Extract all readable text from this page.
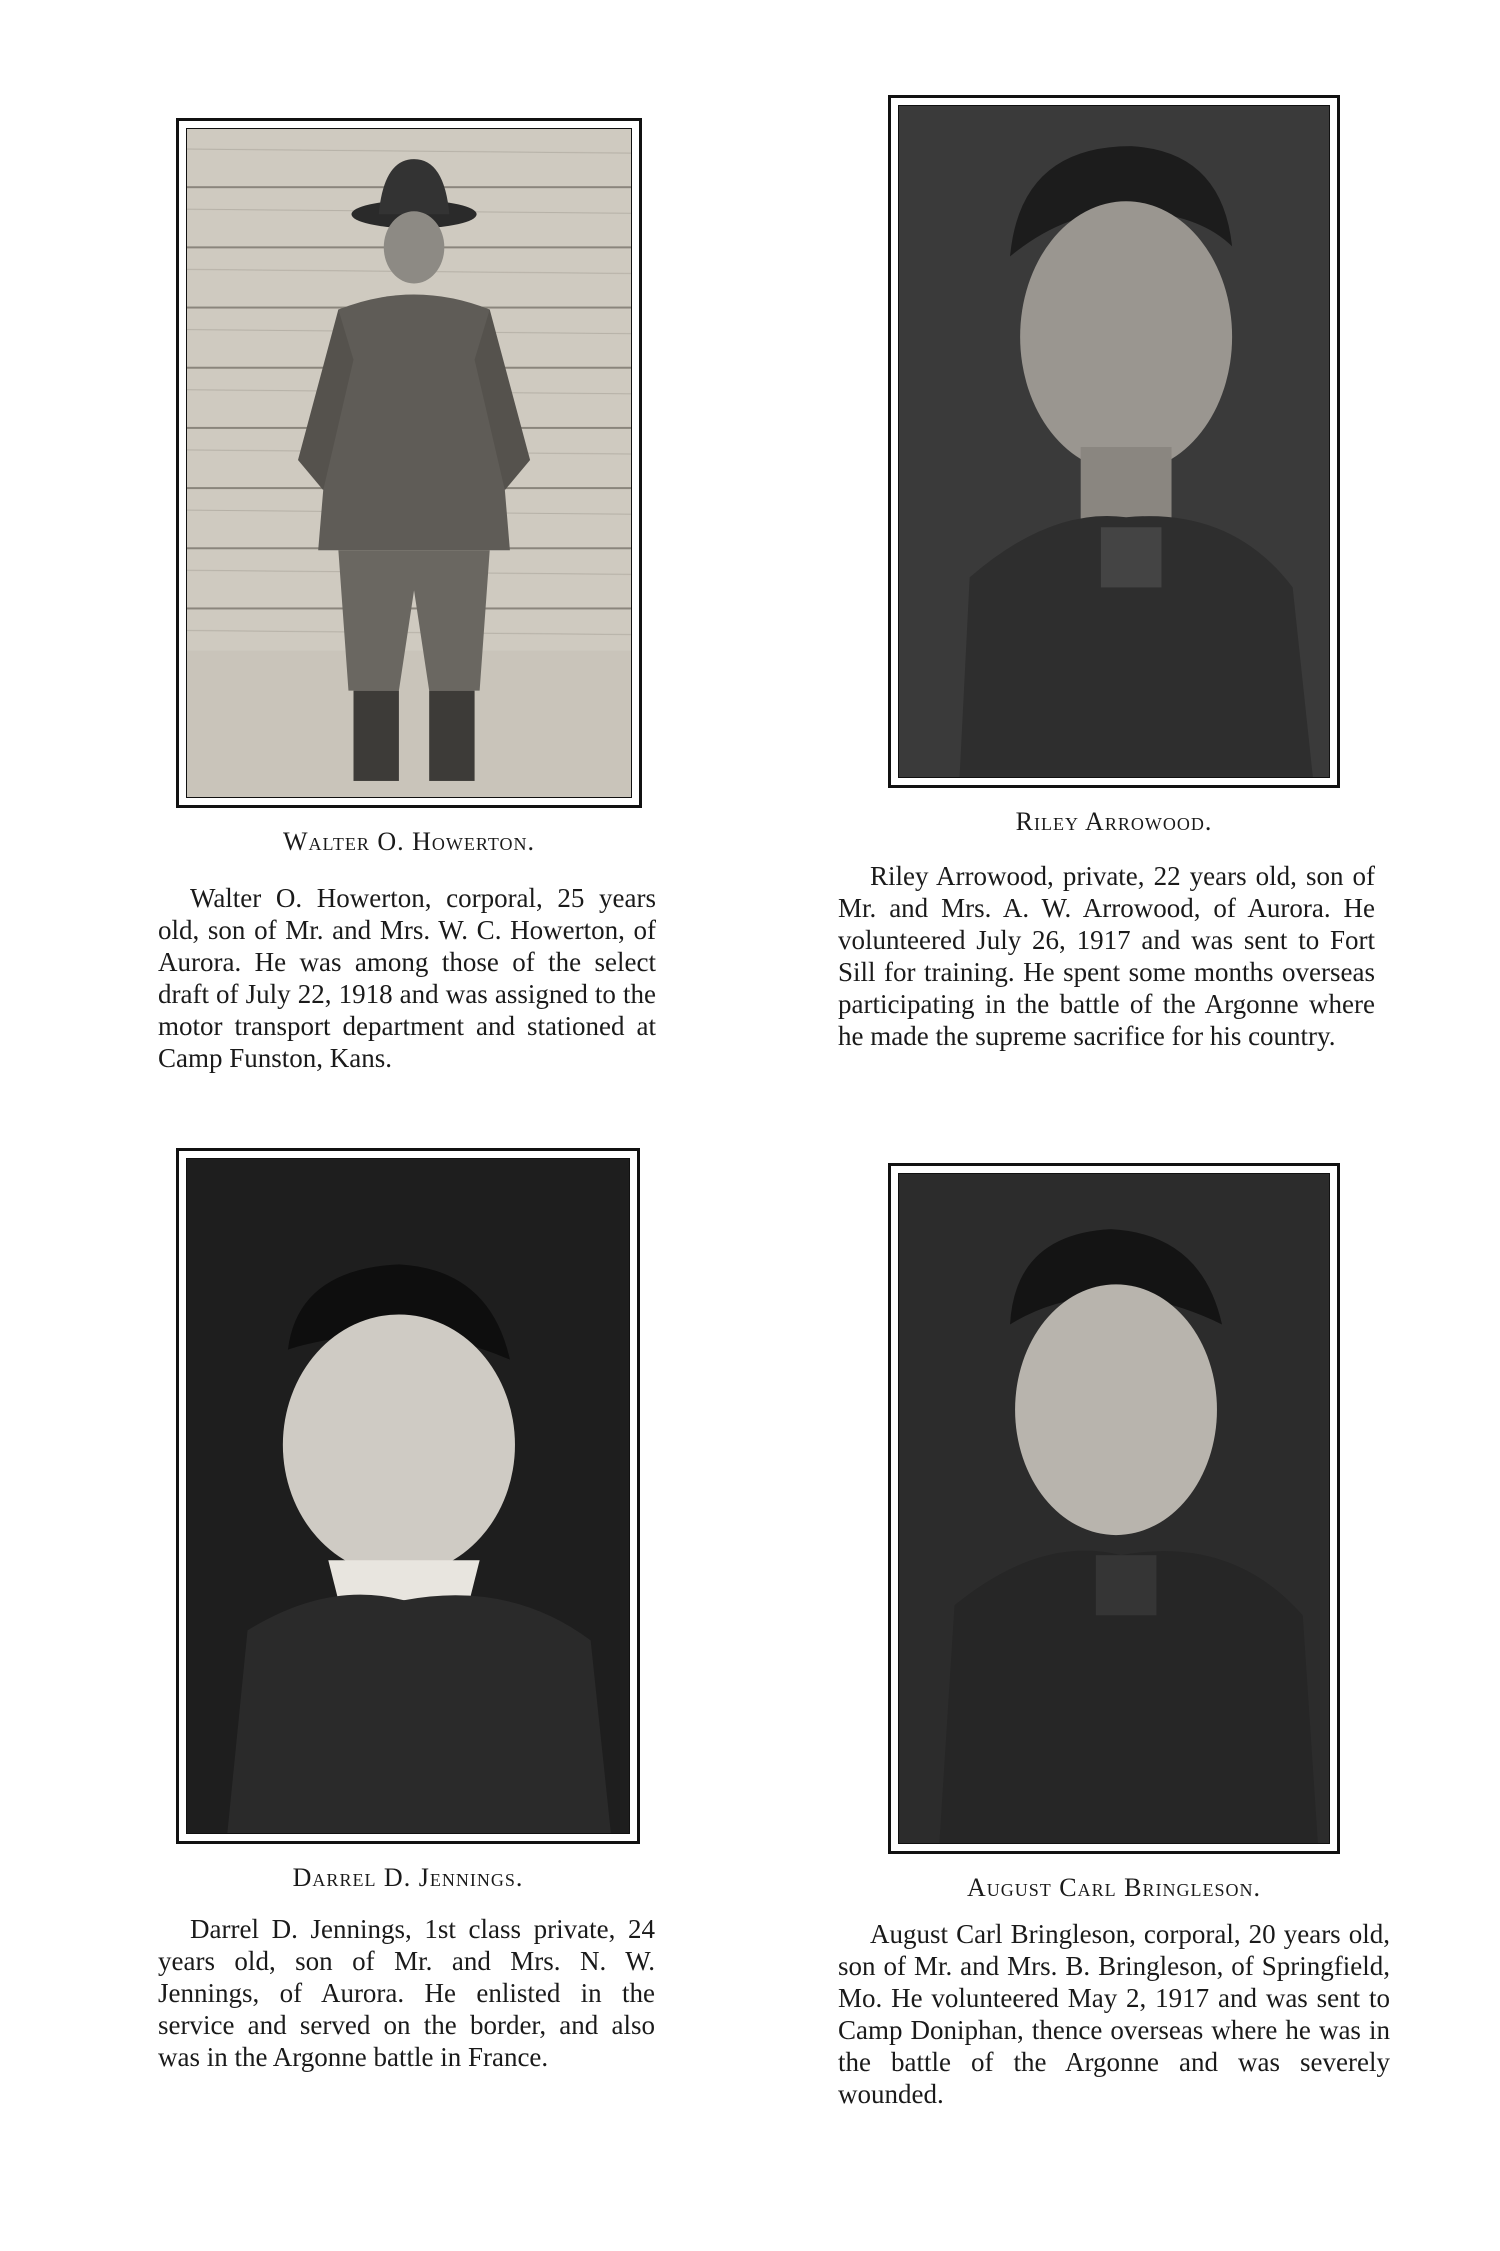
Walter O. Howerton.

Walter O. Howerton, corporal, 25 years old, son of Mr. and Mrs. W. C. Howerton, of Aurora. He was among those of the select draft of July 22, 1918 and was assigned to the motor transport department and stationed at Camp Funston, Kans.

Riley Arrowood.

Riley Arrowood, private, 22 years old, son of Mr. and Mrs. A. W. Arrowood, of Aurora. He volunteered July 26, 1917 and was sent to Fort Sill for training. He spent some months overseas participating in the battle of the Argonne where he made the supreme sacrifice for his country.

Darrel D. Jennings.

Darrel D. Jennings, 1st class private, 24 years old, son of Mr. and Mrs. N. W. Jennings, of Aurora. He enlisted in the service and served on the border, and also was in the Argonne battle in France.

August Carl Bringleson.

August Carl Bringleson, corporal, 20 years old, son of Mr. and Mrs. B. Bringleson, of Springfield, Mo. He volunteered May 2, 1917 and was sent to Camp Doniphan, thence overseas where he was in the battle of the Argonne and was severely wounded.
